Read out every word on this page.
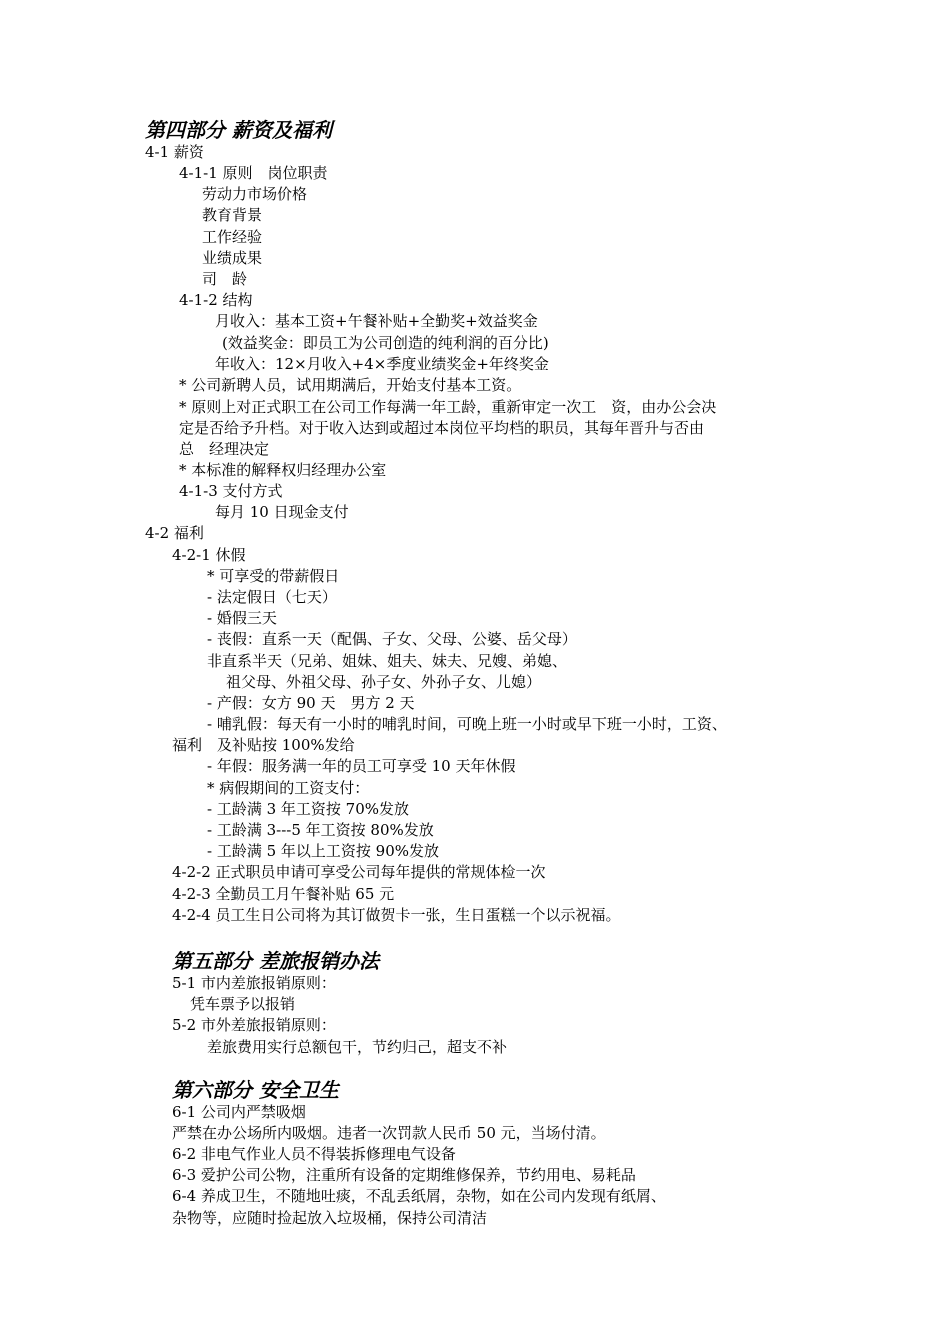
第四部分 薪资及福利
4-1 薪资
4-1-1 原则　岗位职责
劳动力市场价格
教育背景
工作经验
业绩成果
司　龄
4-1-2 结构
月收入：基本工资+午餐补贴+全勤奖+效益奖金
(效益奖金：即员工为公司创造的纯利润的百分比)
年收入：12×月收入+4×季度业绩奖金+年终奖金
* 公司新聘人员，试用期满后，开始支付基本工资。
* 原则上对正式职工在公司工作每满一年工龄，重新审定一次工　资，由办公会决
定是否给予升档。对于收入达到或超过本岗位平均档的职员，其每年晋升与否由
总　经理决定
* 本标准的解释权归经理办公室
4-1-3 支付方式
每月 10 日现金支付
4-2 福利
4-2-1 休假
* 可享受的带薪假日
- 法定假日（七天）
- 婚假三天
- 丧假：直系一天（配偶、子女、父母、公婆、岳父母）
非直系半天（兄弟、姐妹、姐夫、妹夫、兄嫂、弟媳、
祖父母、外祖父母、孙子女、外孙子女、儿媳）
- 产假：女方 90 天　男方 2 天
- 哺乳假：每天有一小时的哺乳时间，可晚上班一小时或早下班一小时，工资、
福利　及补贴按 100%发给
- 年假：服务满一年的员工可享受 10 天年休假
* 病假期间的工资支付：
- 工龄满 3 年工资按 70%发放
- 工龄满 3---5 年工资按 80%发放
- 工龄满 5 年以上工资按 90%发放
4-2-2 正式职员申请可享受公司每年提供的常规体检一次
4-2-3 全勤员工月午餐补贴 65 元
4-2-4 员工生日公司将为其订做贺卡一张，生日蛋糕一个以示祝福。
第五部分 差旅报销办法
5-1 市内差旅报销原则：
凭车票予以报销
5-2 市外差旅报销原则：
差旅费用实行总额包干，节约归己，超支不补
第六部分 安全卫生
6-1 公司内严禁吸烟
严禁在办公场所内吸烟。违者一次罚款人民币 50 元，当场付清。
6-2 非电气作业人员不得装拆修理电气设备
6-3 爱护公司公物，注重所有设备的定期维修保养，节约用电、易耗品
6-4 养成卫生，不随地吐痰，不乱丢纸屑，杂物，如在公司内发现有纸屑、
杂物等，应随时捡起放入垃圾桶，保持公司清洁
